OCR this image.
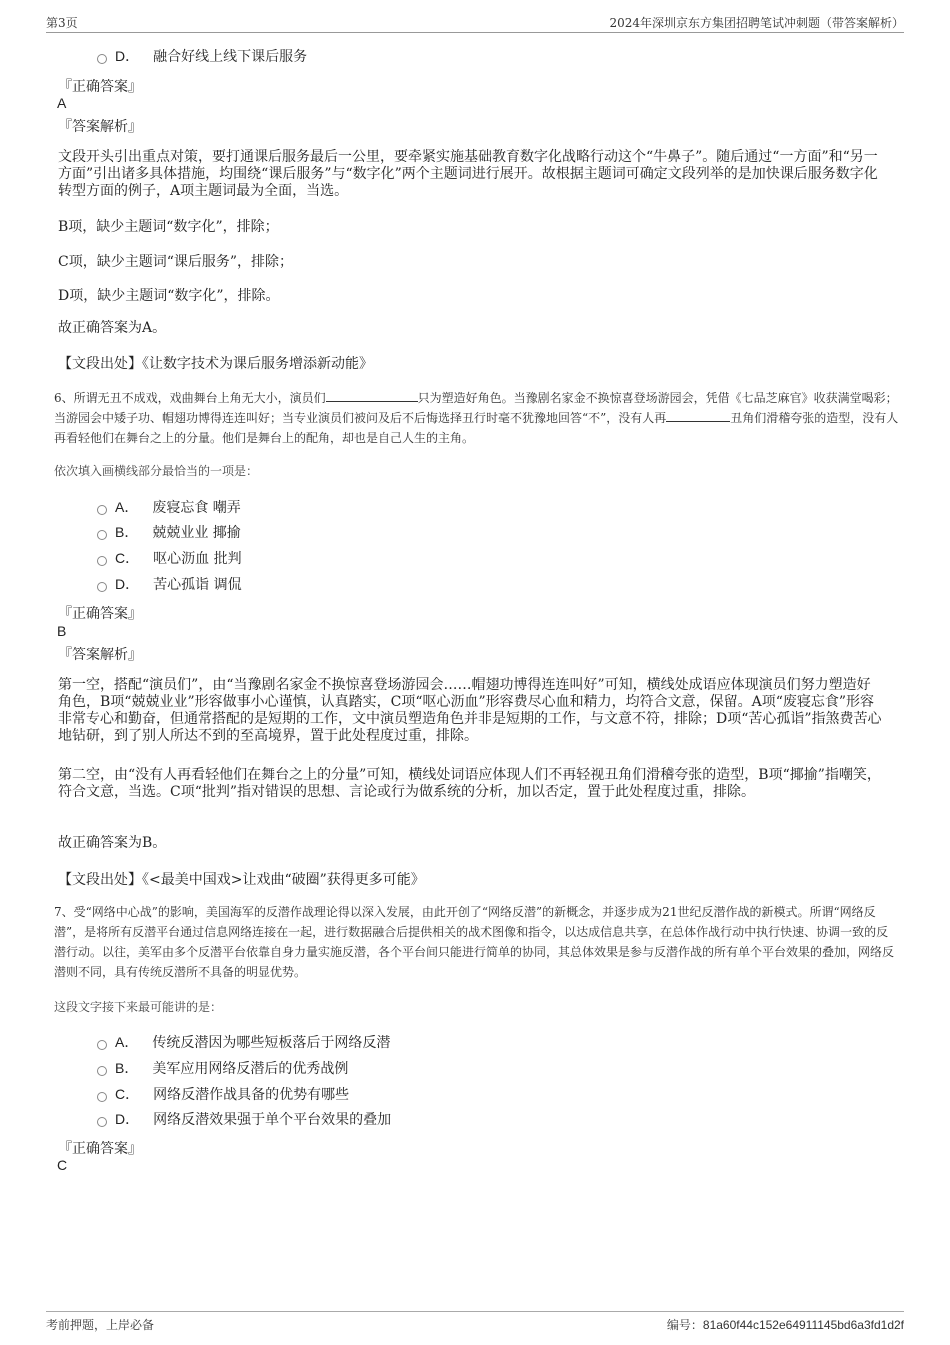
第3页	2024年深圳京东方集团招聘笔试冲刺题（带答案解析）
D． 融合好线上线下课后服务
『正确答案』
A
『答案解析』
文段开头引出重点对策，要打通课后服务最后一公里，要牵紧实施基础教育数字化战略行动这个“牛鼻子”。随后通过“一方面”和“另一方面”引出诸多具体措施，均围绕“课后服务”与“数字化”两个主题词进行展开。故根据主题词可确定文段列举的是加快课后服务数字化转型方面的例子，A项主题词最为全面，当选。
B项，缺少主题词“数字化”，排除；
C项，缺少主题词“课后服务”，排除；
D项，缺少主题词“数字化”，排除。
故正确答案为A。
【文段出处】《让数字技术为课后服务增添新动能》
6、所谓无丑不成戏，戏曲舞台上角无大小，演员们	只为塑造好角色。当豫剧名家金不换惊喜登场游园会，凭借《七品芝麻官》收获满堂喝彩；当游园会中矮子功、帽翅功博得连连叫好；当专业演员们被问及后不后悔选择丑行时毫不犹豫地回答“不”，没有人再	丑角们滑稽夸张的造型，没有人再看轻他们在舞台之上的分量。他们是舞台上的配角，却也是自己人生的主角。
依次填入画横线部分最恰当的一项是：
A． 废寝忘食 嘲弄
B． 兢兢业业 揶揄
C． 呕心沥血 批判
D． 苦心孤诣 调侃
『正确答案』
B
『答案解析』
第一空，搭配“演员们”，由“当豫剧名家金不换惊喜登场游园会……帽翅功博得连连叫好”可知，横线处成语应体现演员们努力塑造好角色，B项“兢兢业业”形容做事小心谨慎，认真踏实，C项“呕心沥血”形容费尽心血和精力，均符合文意，保留。A项“废寝忘食”形容非常专心和勤奋，但通常搭配的是短期的工作，文中演员塑造角色并非是短期的工作，与文意不符，排除；D项“苦心孤诣”指煞费苦心地钻研，到了别人所达不到的至高境界，置于此处程度过重，排除。
第二空，由“没有人再看轻他们在舞台之上的分量”可知，横线处词语应体现人们不再轻视丑角们滑稽夸张的造型，B项“揶揄”指嘲笑，符合文意，当选。C项“批判”指对错误的思想、言论或行为做系统的分析，加以否定，置于此处程度过重，排除。
故正确答案为B。
【文段出处】《<最美中国戏>让戏曲“破圈”获得更多可能》
7、受“网络中心战”的影响，美国海军的反潜作战理论得以深入发展，由此开创了“网络反潜”的新概念，并逐步成为21世纪反潜作战的新模式。所谓“网络反潜”，是将所有反潜平台通过信息网络连接在一起，进行数据融合后提供相关的战术图像和指令，以达成信息共享，在总体作战行动中执行快速、协调一致的反潜行动。以往，美军由多个反潜平台依靠自身力量实施反潜，各个平台间只能进行简单的协同，其总体效果是参与反潜作战的所有单个平台效果的叠加，网络反潜则不同，具有传统反潜所不具备的明显优势。
这段文字接下来最可能讲的是：
A． 传统反潜因为哪些短板落后于网络反潜
B． 美军应用网络反潜后的优秀战例
C． 网络反潜作战具备的优势有哪些
D． 网络反潜效果强于单个平台效果的叠加
『正确答案』
C
考前押题，上岸必备	编号：81a60f44c152e64911145bd6a3fd1d2f
